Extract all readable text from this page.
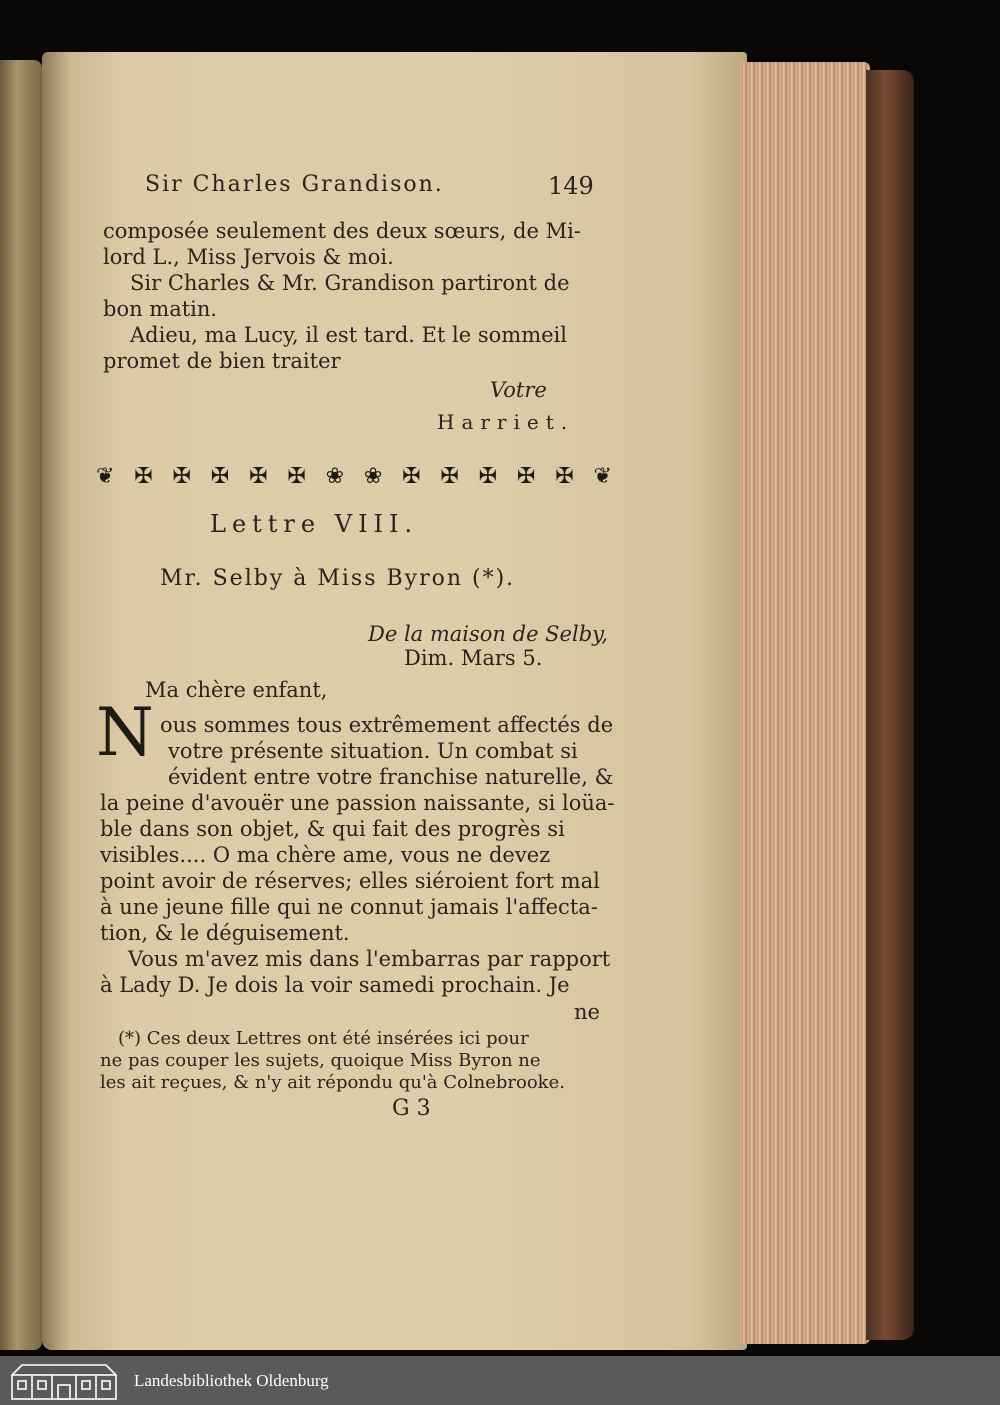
Sir Charles Grandison.	149
composée seulement des deux sœurs, de Mi-
lord L., Miss Jervois & moi.
Sir Charles & Mr. Grandison partiront de
bon matin.
Adieu, ma Lucy, il est tard. Et le sommeil
promet de bien traiter
Votre
Harriet.
❦ ✠ ✠ ✠ ✠ ✠ ❀ ❀ ✠ ✠ ✠ ✠ ✠ ❦
Lettre VIII.
Mr. Selby à Miss Byron (*).
De la maison de Selby,
Dim. Mars 5.
Ma chère enfant,
N ous sommes tous extrêmement affectés de
votre présente situation. Un combat si
évident entre votre franchise naturelle, &
la peine d'avouër une passion naissante, si loüa-
ble dans son objet, & qui fait des progrès si
visibles.... O ma chère ame, vous ne devez
point avoir de réserves; elles siéroient fort mal
à une jeune fille qui ne connut jamais l'affecta-
tion, & le déguisement.
Vous m'avez mis dans l'embarras par rapport
à Lady D. Je dois la voir samedi prochain. Je
ne
(*) Ces deux Lettres ont été insérées ici pour
ne pas couper les sujets, quoique Miss Byron ne
les ait reçues, & n'y ait répondu qu'à Colnebrooke.
G 3
Landesbibliothek Oldenburg
